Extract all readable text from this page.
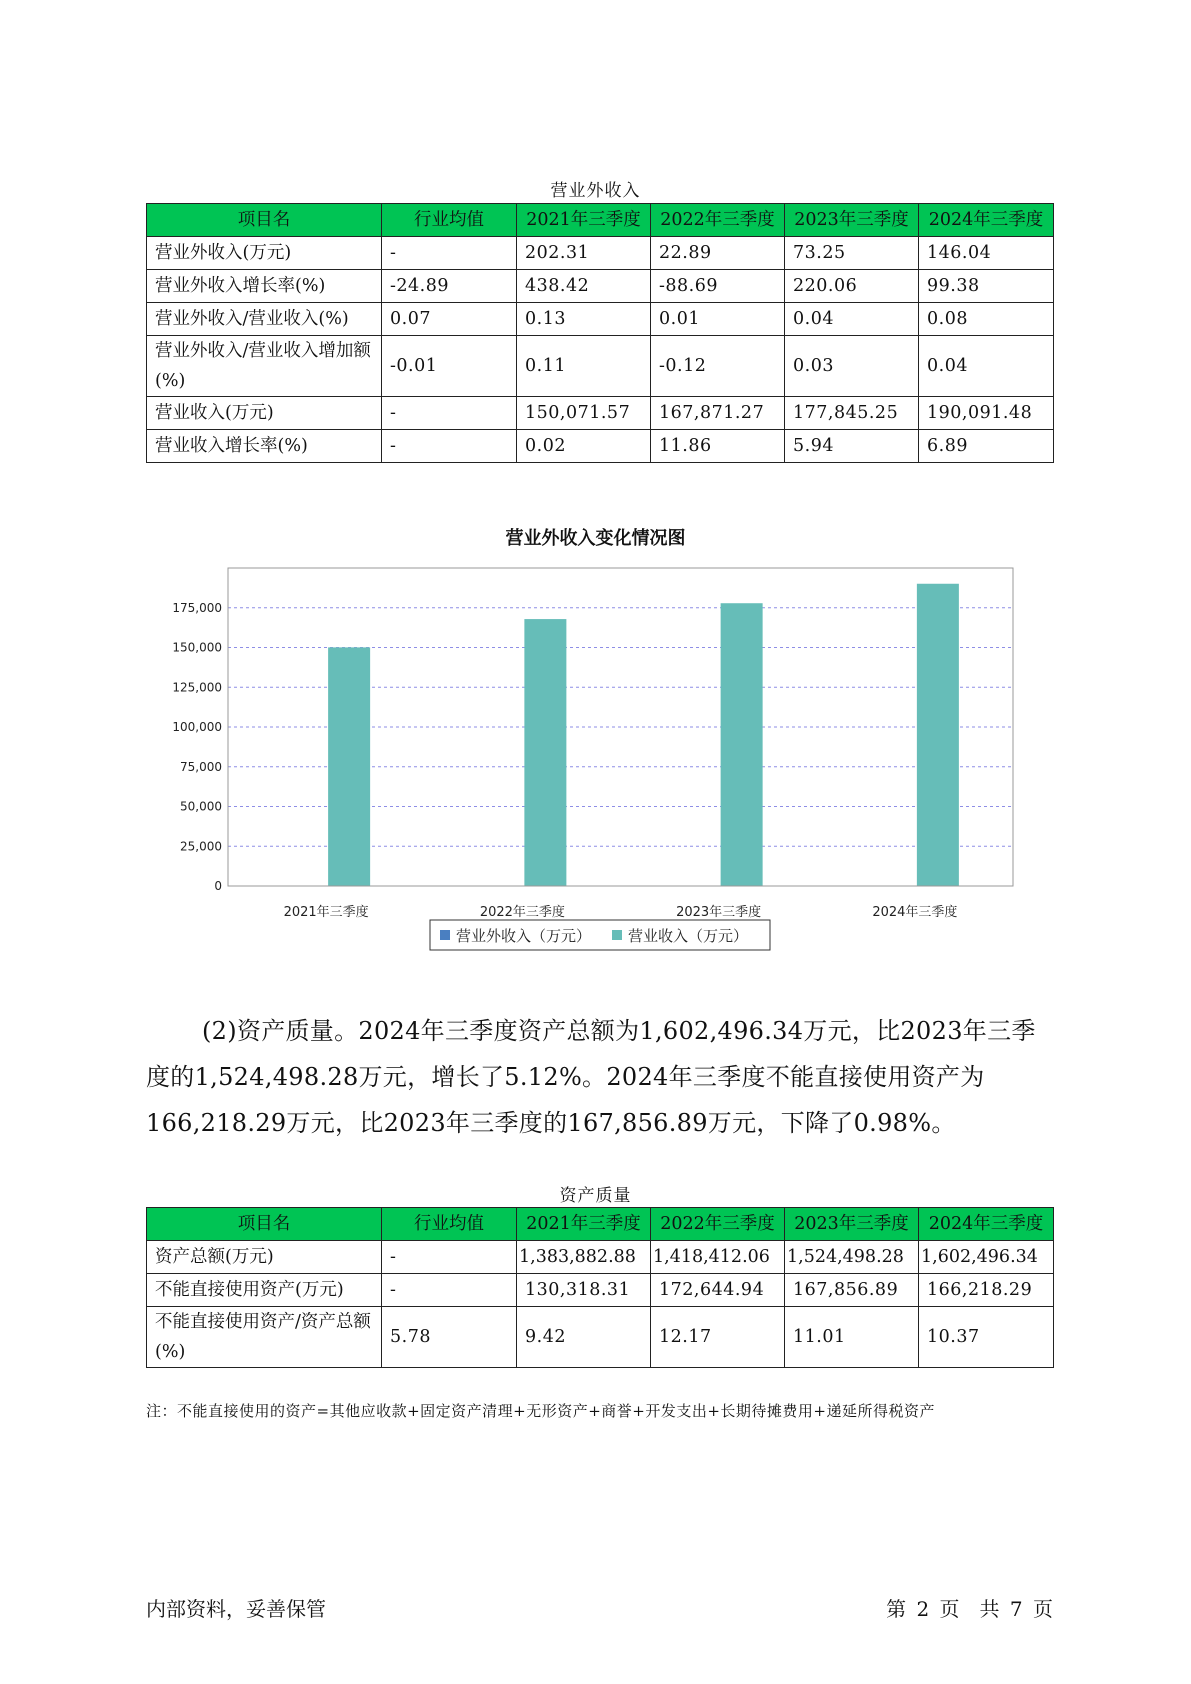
营业外收入
项目名	行业均值	2021年三季度	2022年三季度	2023年三季度	2024年三季度
营业外收入(万元)	-	202.31	22.89	73.25	146.04
营业外收入增长率(%)	-24.89	438.42	-88.69	220.06	99.38
营业外收入/营业收入(%)	0.07	0.13	0.01	0.04	0.08
营业外收入/营业收入增加额(%)	-0.01	0.11	-0.12	0.03	0.04
营业收入(万元)	-	150,071.57	167,871.27	177,845.25	190,091.48
营业收入增长率(%)	-	0.02	11.86	5.94	6.89
营业外收入变化情况图
0
25,000
50,000
75,000
100,000
125,000
150,000
175,000
2021年三季度	2022年三季度	2023年三季度	2024年三季度
营业外收入（万元） 营业收入（万元）
(2)资产质量。2024年三季度资产总额为1,602,496.34万元，比2023年三季度的1,524,498.28万元，增长了5.12%。2024年三季度不能直接使用资产为166,218.29万元，比2023年三季度的167,856.89万元，下降了0.98%。
资产质量
项目名	行业均值	2021年三季度	2022年三季度	2023年三季度	2024年三季度
资产总额(万元)	-	1,383,882.88	1,418,412.06	1,524,498.28	1,602,496.34
不能直接使用资产(万元)	-	130,318.31	172,644.94	167,856.89	166,218.29
不能直接使用资产/资产总额(%)	5.78	9.42	12.17	11.01	10.37
注：不能直接使用的资产=其他应收款+固定资产清理+无形资产+商誉+开发支出+长期待摊费用+递延所得税资产
内部资料，妥善保管	第 2 页　共 7 页
